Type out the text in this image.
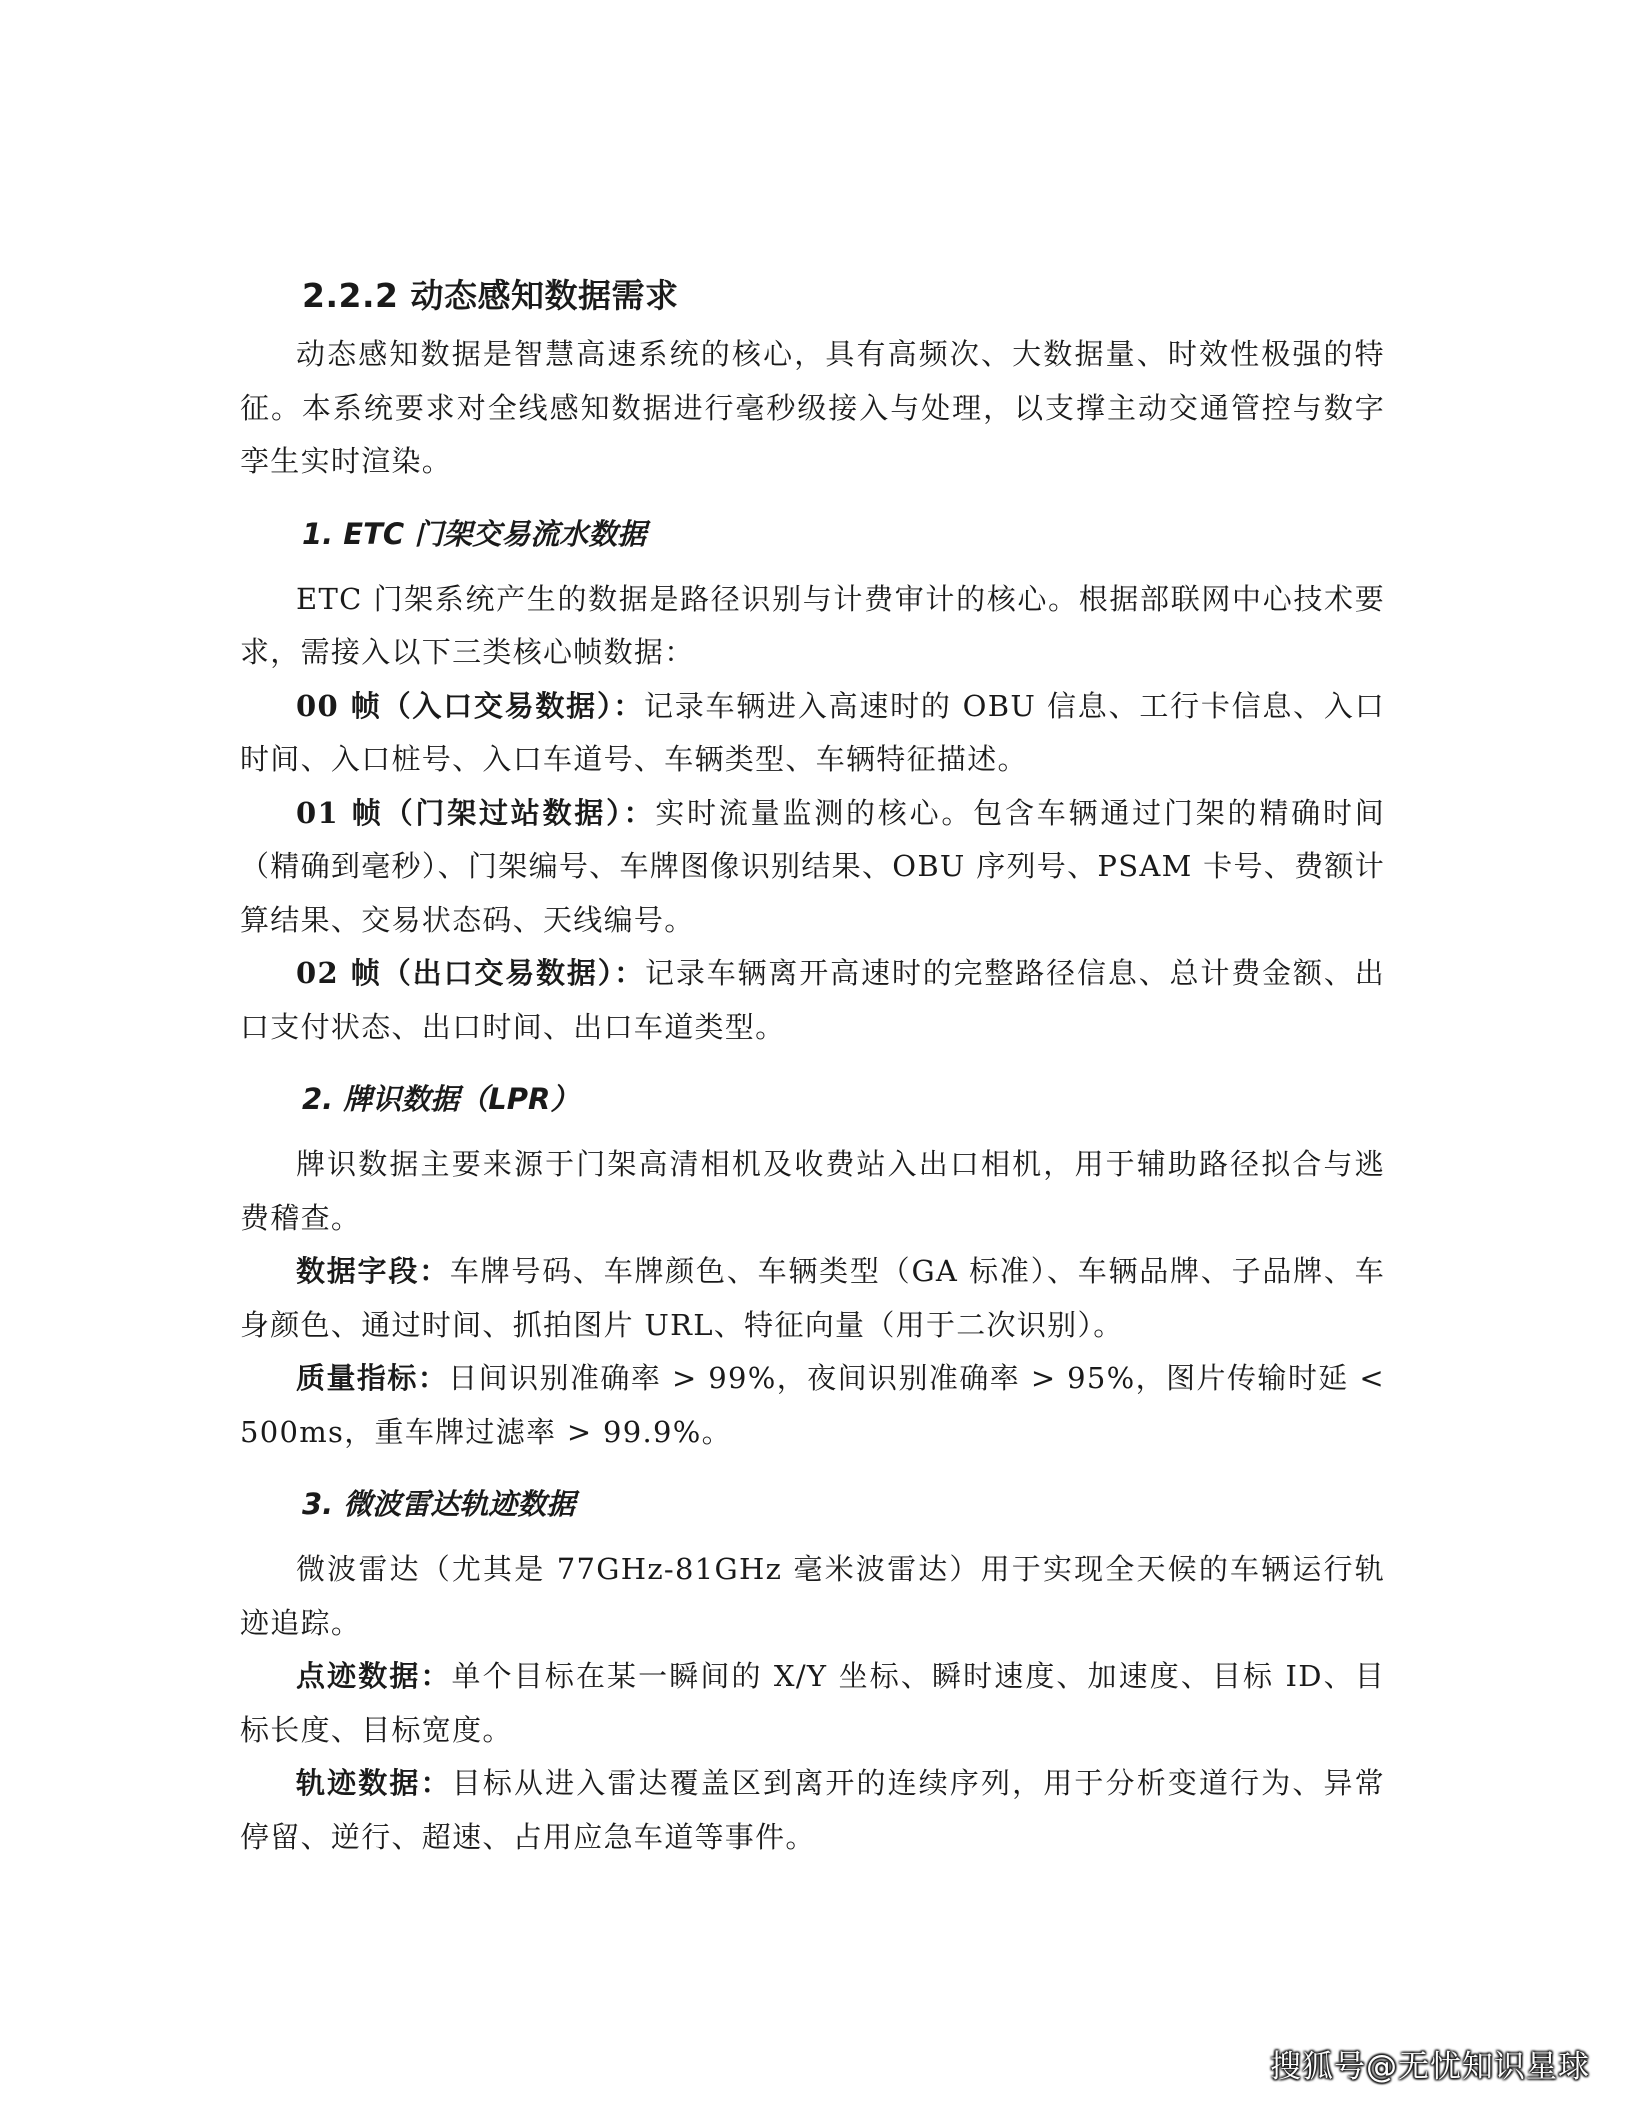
2.2.2 动态感知数据需求

动态感知数据是智慧高速系统的核心，具有高频次、大数据量、时效性极强的特征。本系统要求对全线感知数据进行毫秒级接入与处理，以支撑主动交通管控与数字孪生实时渲染。

1. ETC 门架交易流水数据

ETC 门架系统产生的数据是路径识别与计费审计的核心。根据部联网中心技术要求，需接入以下三类核心帧数据：

00 帧（入口交易数据）：记录车辆进入高速时的 OBU 信息、工行卡信息、入口时间、入口桩号、入口车道号、车辆类型、车辆特征描述。

01 帧（门架过站数据）：实时流量监测的核心。包含车辆通过门架的精确时间（精确到毫秒）、门架编号、车牌图像识别结果、OBU 序列号、PSAM 卡号、费额计算结果、交易状态码、天线编号。

02 帧（出口交易数据）：记录车辆离开高速时的完整路径信息、总计费金额、出口支付状态、出口时间、出口车道类型。

2. 牌识数据（LPR）

牌识数据主要来源于门架高清相机及收费站入出口相机，用于辅助路径拟合与逃费稽查。

数据字段：车牌号码、车牌颜色、车辆类型（GA 标准）、车辆品牌、子品牌、车身颜色、通过时间、抓拍图片 URL、特征向量（用于二次识别）。

质量指标：日间识别准确率 > 99%，夜间识别准确率 > 95%，图片传输时延 < 500ms，重车牌过滤率 > 99.9%。

3. 微波雷达轨迹数据

微波雷达（尤其是 77GHz-81GHz 毫米波雷达）用于实现全天候的车辆运行轨迹追踪。

点迹数据：单个目标在某一瞬间的 X/Y 坐标、瞬时速度、加速度、目标 ID、目标长度、目标宽度。

轨迹数据：目标从进入雷达覆盖区到离开的连续序列，用于分析变道行为、异常停留、逆行、超速、占用应急车道等事件。

搜狐号@无忧知识星球
